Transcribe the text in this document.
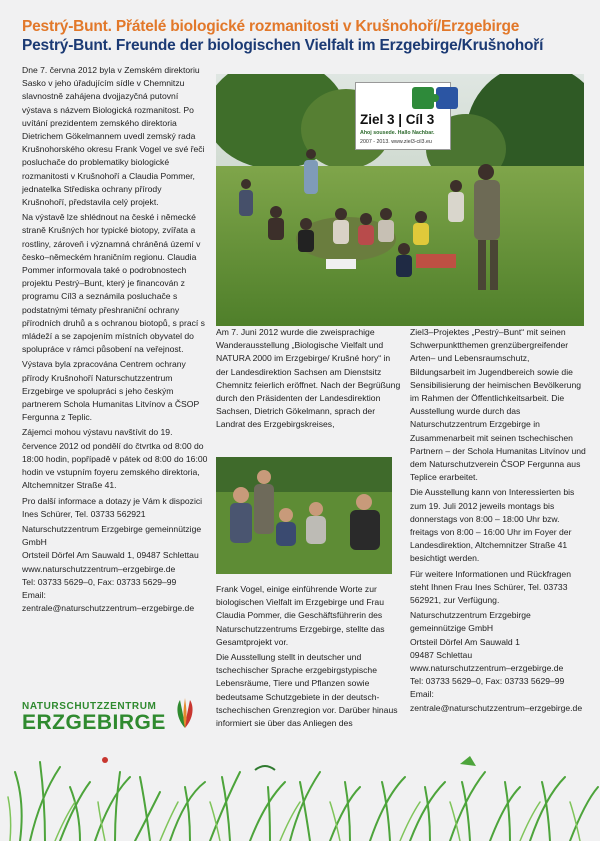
Pestrý-Bunt. Přátelé biologické rozmanitosti v Krušnohoří/Erzgebirge
Pestrý-Bunt. Freunde der biologischen Vielfalt im Erzgebirge/Krušnohoří

Dne 7. června 2012 byla v Zemském direktoriu Sasko v jeho úřadujícím sídle v Chemnitzu slavnostně zahájena dvojjazyčná putovní výstava s názvem Biologická rozmanitost. Po uvítání prezidentem zemského direktoria Dietrichem Gökelmannem uvedl zemský rada Krušnohorského okresu Frank Vogel ve své řeči posluchače do problematiky biologické rozmanitosti v Krušnohoří a Claudia Pommer, jednatelka Střediska ochrany přírody Krušnohoří, představila celý projekt.

Na výstavě lze shlédnout na české i německé straně Krušných hor typické biotopy, zvířata a rostliny, zároveň i významná chráněná území v česko–německém hraničním regionu. Claudia Pommer informovala také o podrobnostech projektu Pestrý–Bunt, který je financován z programu Cíl3 a seznámila posluchače s podstatnými tématy přeshraniční ochrany přírodních druhů a s ochranou biotopů, s prací s mládeží a se zapojením místních obyvatel do spolupráce v rámci působení na veřejnost.

Výstava byla zpracována Centrem ochrany přírody Krušnohoří Naturschutzzentrum Erzgebirge ve spolupráci s jeho českým partnerem Schola Humanitas Litvínov a ČSOP Fergunna z Teplic.

Zájemci mohou výstavu navštívit do 19. července 2012 od pondělí do čtvrtka od 8:00 do 18:00 hodin, popřípadě v pátek od 8:00 do 16:00 hodin ve vstupním foyeru zemského direktoria, Altchemnitzer Straße 41.

Pro další informace a dotazy je Vám k dispozici Ines Schürer, Tel. 03733 562921

Naturschutzzentrum Erzgebirge gemeinnützige GmbH
Ortsteil Dörfel Am Sauwald 1, 09487 Schlettau
www.naturschutzzentrum–erzgebirge.de
Tel: 03733 5629–0, Fax: 03733 5629–99
Email:
zentrale@naturschutzzentrum–erzgebirge.de
Ziel 3 | Cíl 3
Ahoj sousede. Hallo Nachbar.
2007 - 2013. www.ziel3-cil3.eu

Am 7. Juni 2012 wurde die zweisprachige Wanderausstellung „Biologische Vielfalt und NATURA 2000 im Erzgebirge/ Krušné hory“ in der Landesdirektion Sachsen am Dienstsitz Chemnitz feierlich eröffnet. Nach der Begrüßung durch den Präsidenten der Landesdirektion Sachsen, Dietrich Gökelmann, sprach der Landrat des Erzgebirgskreises,

Frank Vogel, einige einführende Worte zur biologischen Vielfalt im Erzgebirge und Frau Claudia Pommer, die Geschäftsführerin des Naturschutzzentrums Erzgebirge, stellte das Gesamtprojekt vor.

Die Ausstellung stellt in deutscher und tschechischer Sprache erzgebirgstypische Lebensräume, Tiere und Pflanzen sowie bedeutsame Schutzgebiete in der deutsch-tschechischen Grenzregion vor. Darüber hinaus informiert sie über das Anliegen des

Ziel3–Projektes „Pestrý–Bunt“ mit seinen Schwerpunktthemen grenzübergreifender Arten– und Lebensraumschutz, Bildungsarbeit im Jugendbereich sowie die Sensibilisierung der heimischen Bevölkerung im Rahmen der Öffentlichkeitsarbeit. Die Ausstellung wurde durch das Naturschutzzentrum Erzgebirge in Zusammenarbeit mit seinen tschechischen Partnern – der Schola Humanitas Litvínov und dem Naturschutzverein ČSOP Fergunna aus Teplice erarbeitet.

Die Ausstellung kann von Interessierten bis zum 19. Juli 2012 jeweils montags bis donnerstags von 8:00 – 18:00 Uhr bzw. freitags von 8:00 – 16:00 Uhr im Foyer der Landesdirektion, Altchemnitzer Straße 41 besichtigt werden.

Für weitere Informationen und Rückfragen steht Ihnen Frau Ines Schürer, Tel. 03733 562921, zur Verfügung.

Naturschutzzentrum Erzgebirge gemeinnützige GmbH
Ortsteil Dörfel Am Sauwald 1
09487 Schlettau
www.naturschutzzentrum–erzgebirge.de
Tel: 03733 5629–0, Fax: 03733 5629–99
Email:
zentrale@naturschutzzentrum–erzgebirge.de
NATURSCHUTZZENTRUM
ERZGEBIRGE
